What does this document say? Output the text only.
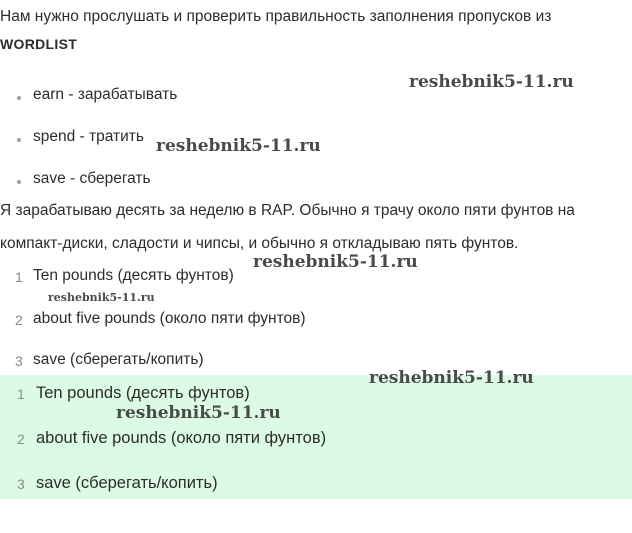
Нам нужно прослушать и проверить правильность заполнения пропусков из
WORDLIST
earn - зарабатывать
spend - тратить
save - сберегать
Я зарабатываю десять за неделю в RAP. Обычно я трачу около пяти фунтов на
компакт-диски, сладости и чипсы, и обычно я откладываю пять фунтов.
1 Ten pounds (десять фунтов)
2 about five pounds (около пяти фунтов)
3 save (сберегать/копить)
1 Ten pounds (десять фунтов)
2 about five pounds (около пяти фунтов)
3 save (сберегать/копить)
reshebnik5-11.ru
reshebnik5-11.ru
reshebnik5-11.ru
reshebnik5-11.ru
reshebnik5-11.ru
reshebnik5-11.ru
